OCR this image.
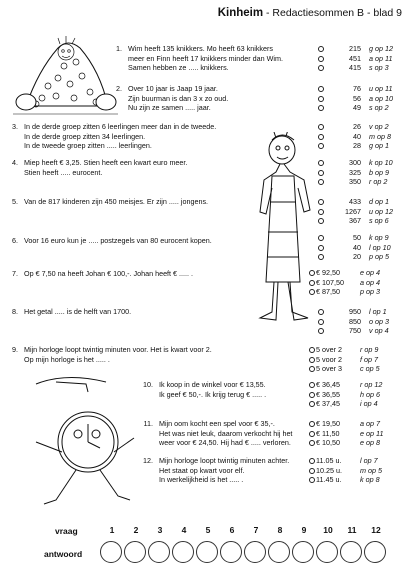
Kinheim - Redactiesommen B - blad 9
1. Wim heeft 135 knikkers. Mo heeft 63 knikkers
meer en Finn heeft 17 knikkers minder dan Wim.
Samen hebben ze ..... knikkers.
2. Over 10 jaar is Jaap 19 jaar.
Zijn buurman is dan 3 x zo oud.
Nu zijn ze samen ..... jaar.
3. In de derde groep zitten 6 leerlingen meer dan in de tweede.
In de derde groep zitten 34 leerlingen.
In de tweede groep zitten ..... leerlingen.
4. Miep heeft € 3,25. Stien heeft een kwart euro meer.
Stien heeft ..... eurocent.
5. Van de 817 kinderen zijn 450 meisjes. Er zijn ..... jongens.
6. Voor 16 euro kun je ..... postzegels van 80 eurocent kopen.
7. Op € 7,50 na heeft Johan € 100,-. Johan heeft € ..... .
8. Het getal ..... is de helft van 1700.
9. Mijn horloge loopt twintig minuten voor. Het is kwart voor 2.
Op mijn horloge is het ..... .
10. Ik koop in de winkel voor € 13,55.
Ik geef € 50,-. Ik krijg terug € ..... .
11. Mijn oom kocht een spel voor € 35,-.
Het was niet leuk, daarom verkocht hij het
weer voor € 24,50. Hij had € ..... verloren.
12. Mijn horloge loopt twintig minuten achter.
Het staat op kwart voor elf.
In werkelijkheid is het ..... .
215	g op 12
451	a op 11
415	s op 3
76	u op 11
56	a op 10
49	s op 2
26	v op 2
40	m op 8
28	g op 1
300	k op 10
325	b op 9
350	r op 2
433	d op 1
1267	u op 12
367	s op 6
50	k op 9
40	l op 10
20	p op 5
€ 92,50	e op 4
€ 107,50	a op 4
€ 87,50	p op 3
950	l op 1
850	o op 3
750	v op 4
5 over 2	r op 9
5 voor 2	f op 7
5 over 3	c op 5
€ 36,45	r op 12
€ 36,55	h op 6
€ 37,45	i op 4
€ 19,50	a op 7
€ 11,50	e op 11
€ 10,50	e op 8
11.05 u.	l op 7
10.25 u.	m op 5
11.45 u.	k op 8
vraag
antwoord
1	2	3	4	5	6	7	8	9	10	11	12
